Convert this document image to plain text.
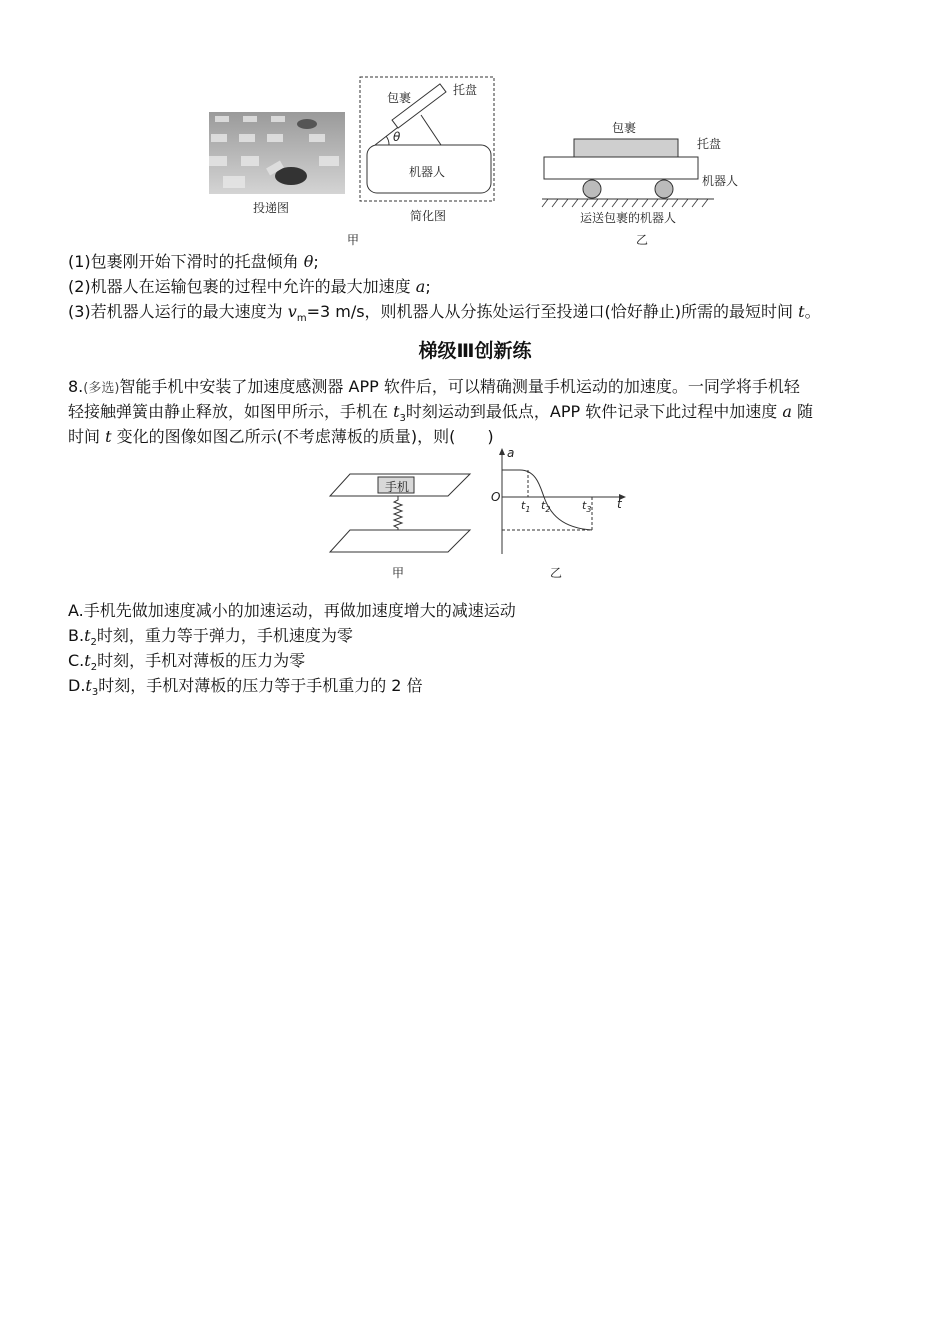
投递图
包裹
托盘
θ
机器人
简化图
甲
包裹
托盘
机器人
运送包裹的机器人
乙
(1)包裹刚开始下滑时的托盘倾角 θ;
(2)机器人在运输包裹的过程中允许的最大加速度 a;
(3)若机器人运行的最大速度为 $v_m=3$ m/s，则机器人从分拣处运行至投递口(恰好静止)所需的最短时间 t。
梯级Ⅲ创新练
8.(多选)智能手机中安装了加速度感测器 APP 软件后，可以精确测量手机运动的加速度。一同学将手机轻
轻接触弹簧由静止释放，如图甲所示，手机在 $t_3$时刻运动到最低点，APP 软件记录下此过程中加速度 a 随
时间 t 变化的图像如图乙所示(不考虑薄板的质量)，则(　　)
手机
甲
a
t
O
$t_1$ $t_2$	$t_3$
乙
A.手机先做加速度减小的加速运动，再做加速度增大的减速运动
$B.t_2$时刻，重力等于弹力，手机速度为零
$C.t_2$时刻，手机对薄板的压力为零
$D.t_3$时刻，手机对薄板的压力等于手机重力的 2 倍
